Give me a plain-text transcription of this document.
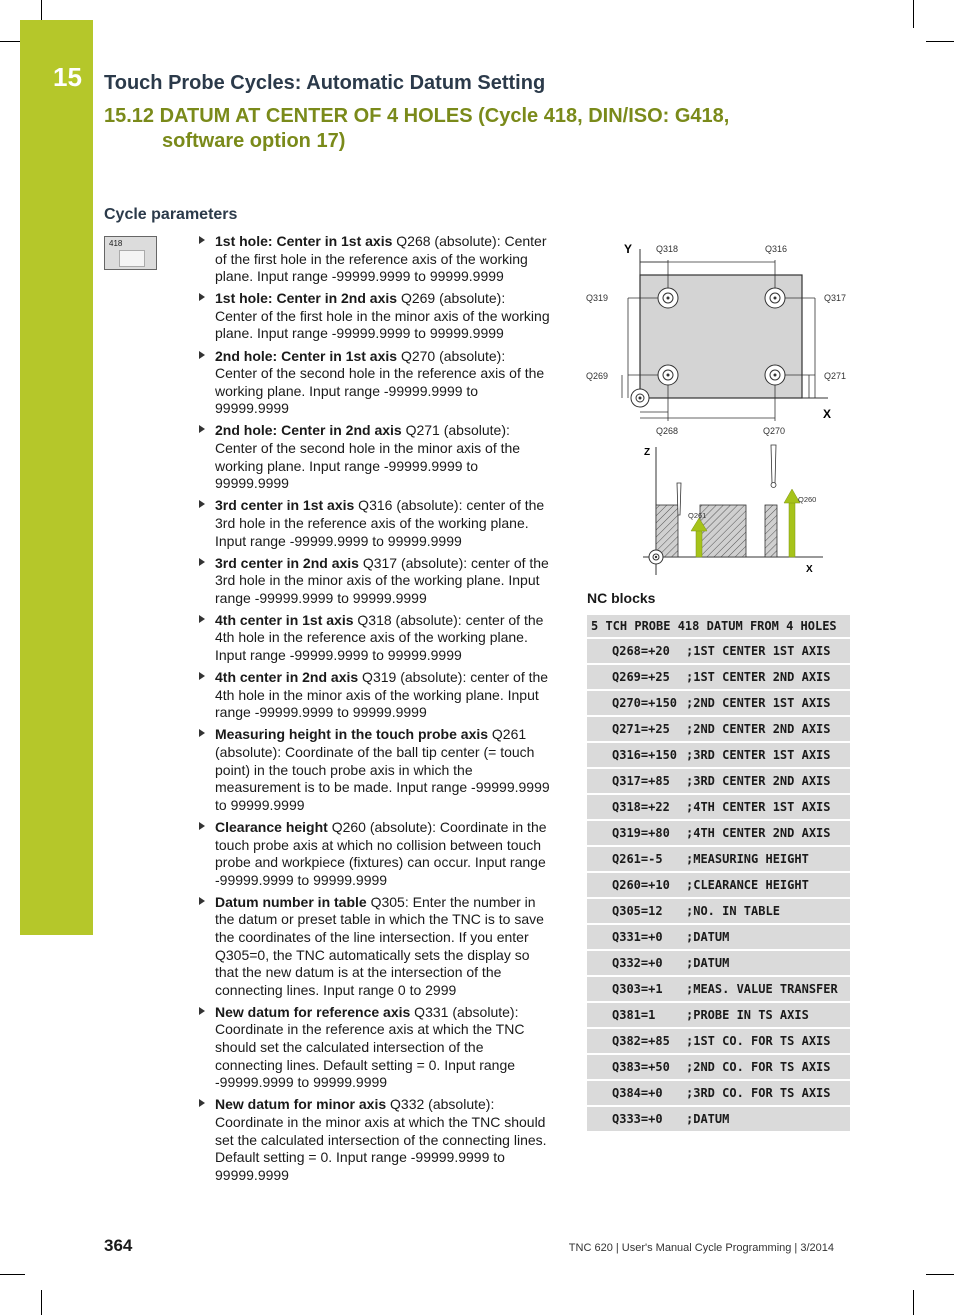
15 Touch Probe Cycles: Automatic Datum Setting
15.12 DATUM AT CENTER OF 4 HOLES (Cycle 418, DIN/ISO: G418,
software option 17)
Cycle parameters
418	1st hole: Center in 1st axis Q268 (absolute): Center of the first hole in the reference axis of the working plane. Input range -99999.9999 to 99999.9999
1st hole: Center in 2nd axis Q269 (absolute): Center of the first hole in the minor axis of the working plane. Input range -99999.9999 to 99999.9999
2nd hole: Center in 1st axis Q270 (absolute): Center of the second hole in the reference axis of the working plane. Input range -99999.9999 to 99999.9999
2nd hole: Center in 2nd axis Q271 (absolute): Center of the second hole in the minor axis of the working plane. Input range -99999.9999 to 99999.9999
3rd center in 1st axis Q316 (absolute): center of the 3rd hole in the reference axis of the working plane. Input range -99999.9999 to 99999.9999
3rd center in 2nd axis Q317 (absolute): center of the 3rd hole in the minor axis of the working plane. Input range -99999.9999 to 99999.9999
4th center in 1st axis Q318 (absolute): center of the 4th hole in the reference axis of the working plane. Input range -99999.9999 to 99999.9999
4th center in 2nd axis Q319 (absolute): center of the 4th hole in the minor axis of the working plane. Input range -99999.9999 to 99999.9999
Measuring height in the touch probe axis Q261 (absolute): Coordinate of the ball tip center (= touch point) in the touch probe axis in which the measurement is to be made. Input range -99999.9999 to 99999.9999
Clearance height Q260 (absolute): Coordinate in the touch probe axis at which no collision between touch probe and workpiece (fixtures) can occur. Input range -99999.9999 to 99999.9999
Datum number in table Q305: Enter the number in the datum or preset table in which the TNC is to save the coordinates of the line intersection. If you enter Q305=0, the TNC automatically sets the display so that the new datum is at the intersection of the connecting lines. Input range 0 to 2999
New datum for reference axis Q331 (absolute): Coordinate in the reference axis at which the TNC should set the calculated intersection of the connecting lines. Default setting = 0. Input range -99999.9999 to 99999.9999
New datum for minor axis Q332 (absolute): Coordinate in the minor axis at which the TNC should set the calculated intersection of the connecting lines. Default setting = 0. Input range -99999.9999 to 99999.9999
Y
X
Q318	Q316
Q319	Q317
Q269	Q271
Q268	Q270
Z
X
Q261
Q260
NC blocks
5 TCH PROBE 418 DATUM FROM 4 HOLES	
Q268=+20	;1ST CENTER 1ST AXIS
Q269=+25	;1ST CENTER 2ND AXIS
Q270=+150	;2ND CENTER 1ST AXIS
Q271=+25	;2ND CENTER 2ND AXIS
Q316=+150	;3RD CENTER 1ST AXIS
Q317=+85	;3RD CENTER 2ND AXIS
Q318=+22	;4TH CENTER 1ST AXIS
Q319=+80	;4TH CENTER 2ND AXIS
Q261=-5	;MEASURING HEIGHT
Q260=+10	;CLEARANCE HEIGHT
Q305=12	;NO. IN TABLE
Q331=+0	;DATUM
Q332=+0	;DATUM
Q303=+1	;MEAS. VALUE TRANSFER
Q381=1	;PROBE IN TS AXIS
Q382=+85	;1ST CO. FOR TS AXIS
Q383=+50	;2ND CO. FOR TS AXIS
Q384=+0	;3RD CO. FOR TS AXIS
Q333=+0	;DATUM
364	TNC 620 | User's Manual Cycle Programming | 3/2014
